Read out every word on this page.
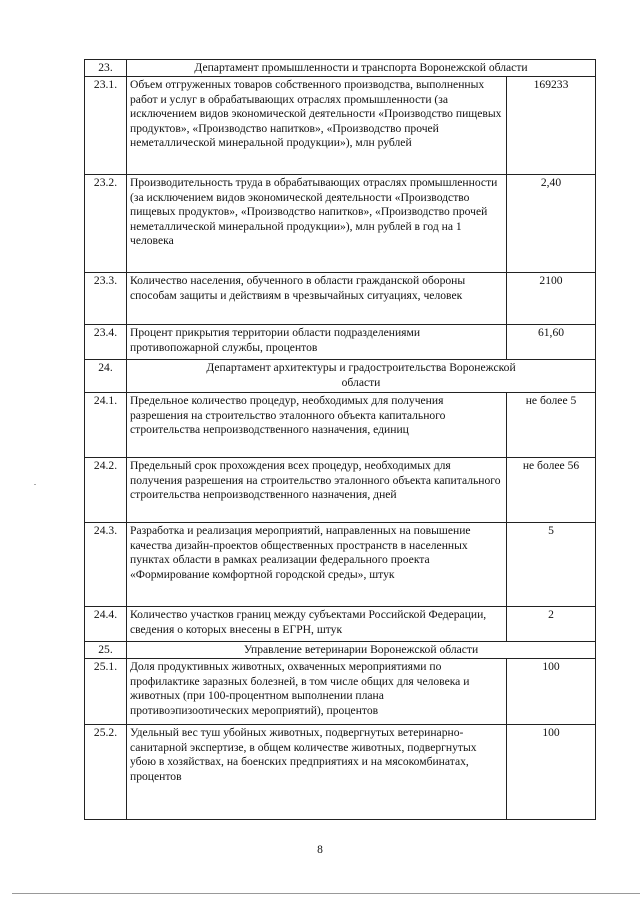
23.	Департамент промышленности и транспорта Воронежской области	
23.1.	Объем отгруженных товаров собственного производства, выполненных работ и услуг в обрабатывающих отраслях промышленности (за исключением видов экономической деятельности «Производство пищевых продуктов», «Производство напитков», «Производство прочей неметаллической минеральной продукции»), млн рублей	169233
23.2.	Производительность труда в обрабатывающих отраслях промышленности (за исключением видов экономической деятельности «Производство пищевых продуктов», «Производство напитков», «Производство прочей неметаллической минеральной продукции»), млн рублей в год на 1 человека	2,40
23.3.	Количество населения, обученного в области гражданской обороны способам защиты и действиям в чрезвычайных ситуациях, человек	2100
23.4.	Процент прикрытия территории области подразделениями противопожарной службы, процентов	61,60
24.	Департамент архитектуры и градостроительства Воронежской области	
24.1.	Предельное количество процедур, необходимых для получения разрешения на строительство эталонного объекта капитального строительства непроизводственного назначения, единиц	не более 5
24.2.	Предельный срок прохождения всех процедур, необходимых для получения разрешения на строительство эталонного объекта капитального строительства непроизводственного назначения, дней	не более 56
24.3.	Разработка и реализация мероприятий, направленных на повышение качества дизайн-проектов общественных пространств в населенных пунктах области в рамках реализации федерального проекта «Формирование комфортной городской среды», штук	5
24.4.	Количество участков границ между субъектами Российской Федерации, сведения о которых внесены в ЕГРН, штук	2
25.	Управление ветеринарии Воронежской области	
25.1.	Доля продуктивных животных, охваченных мероприятиями по профилактике заразных болезней, в том числе общих для человека и животных (при 100-процентном выполнении плана противоэпизоотических мероприятий), процентов	100
25.2.	Удельный вес туш убойных животных, подвергнутых ветеринарно-санитарной экспертизе, в общем количестве животных, подвергнутых убою в хозяйствах, на боенских предприятиях и на мясокомбинатах, процентов	100
8
